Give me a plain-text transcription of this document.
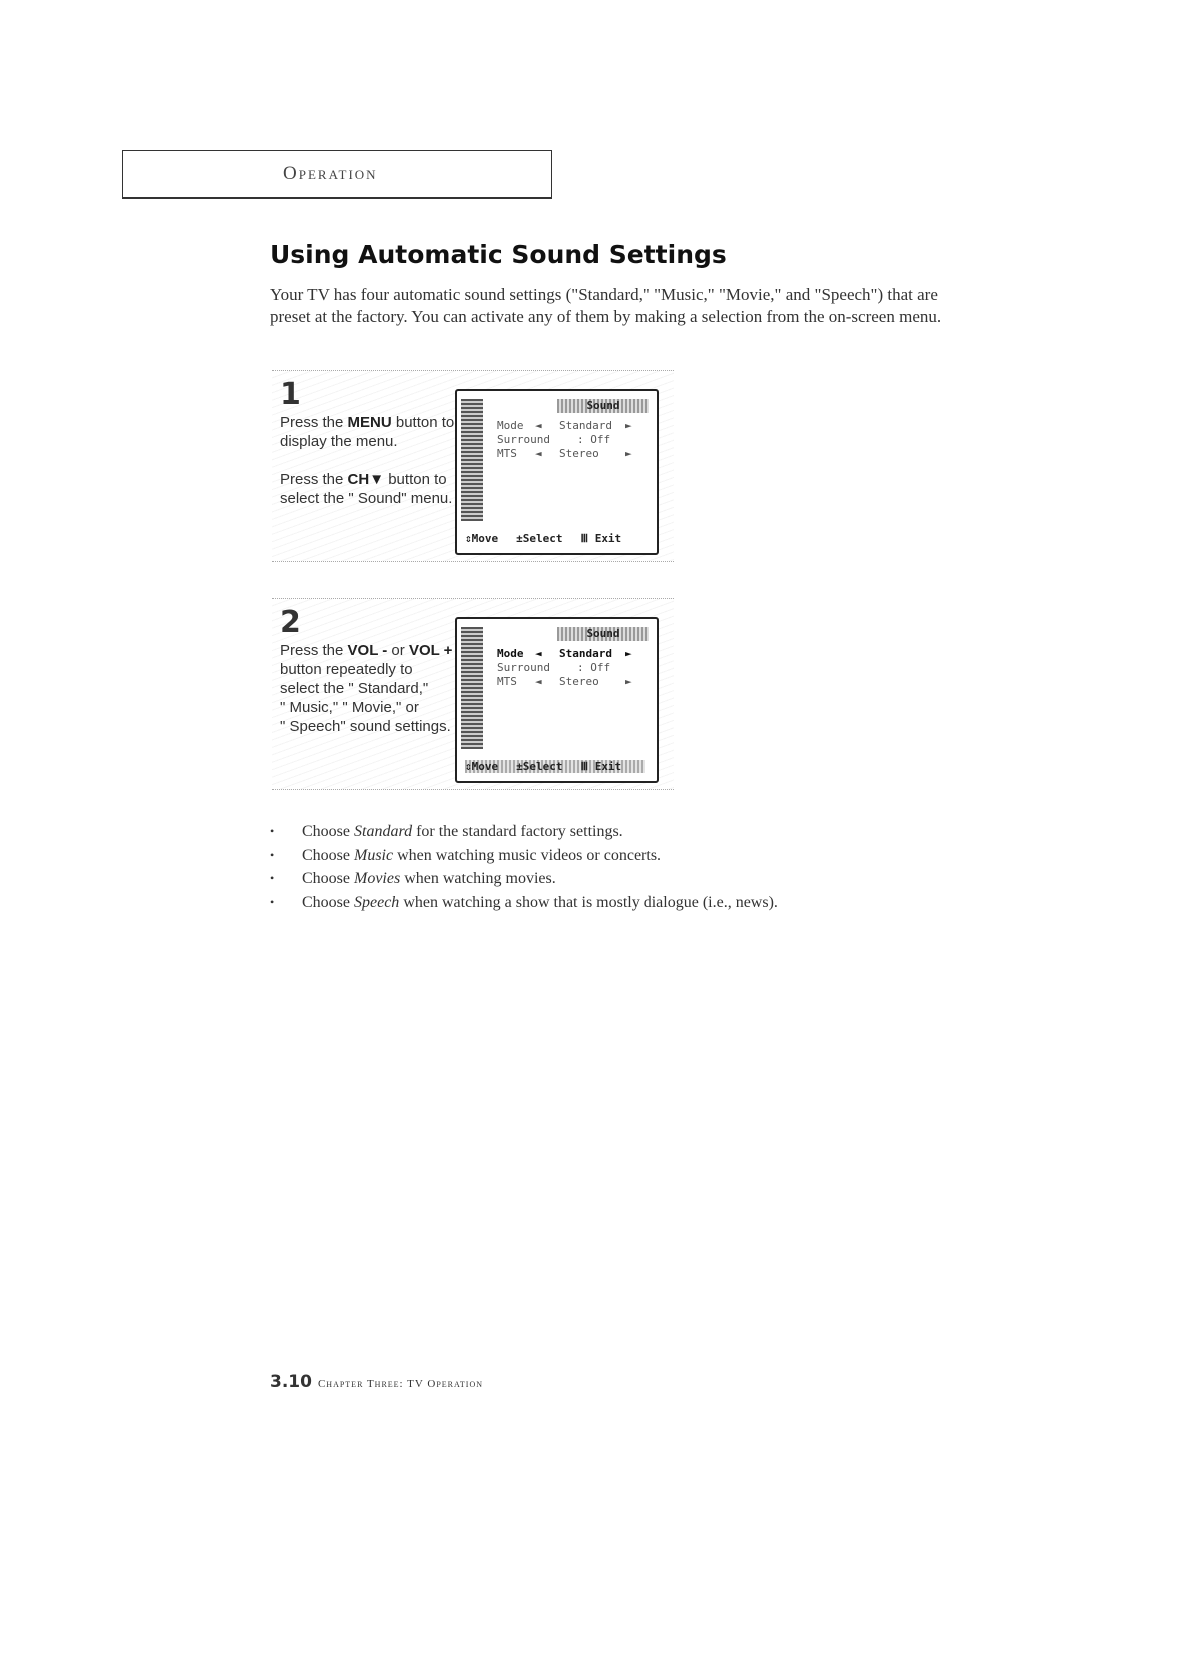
Operation
Using Automatic Sound Settings
Your TV has four automatic sound settings ("Standard," "Music," "Movie," and "Speech") that are preset at the factory. You can activate any of them by making a selection from the on-screen menu.
1
Press the MENU button to
display the menu.

Press the CH▼ button to
select the " Sound" menu.
Sound
Mode ◄ Standard ►
Surround : Off
MTS ◄ Stereo ►
⇕Move ±Select Ⅲ Exit
2
Press the VOL - or VOL +
button repeatedly to
select the " Standard,"
" Music," " Movie," or
" Speech" sound settings.
Sound
Mode ◄ Standard ►
Surround : Off
MTS ◄ Stereo ►
⇕Move ±Select Ⅲ Exit
• Choose Standard for the standard factory settings.
• Choose Music when watching music videos or concerts.
• Choose Movies when watching movies.
• Choose Speech when watching a show that is mostly dialogue (i.e., news).
3.10 Chapter Three: TV Operation
